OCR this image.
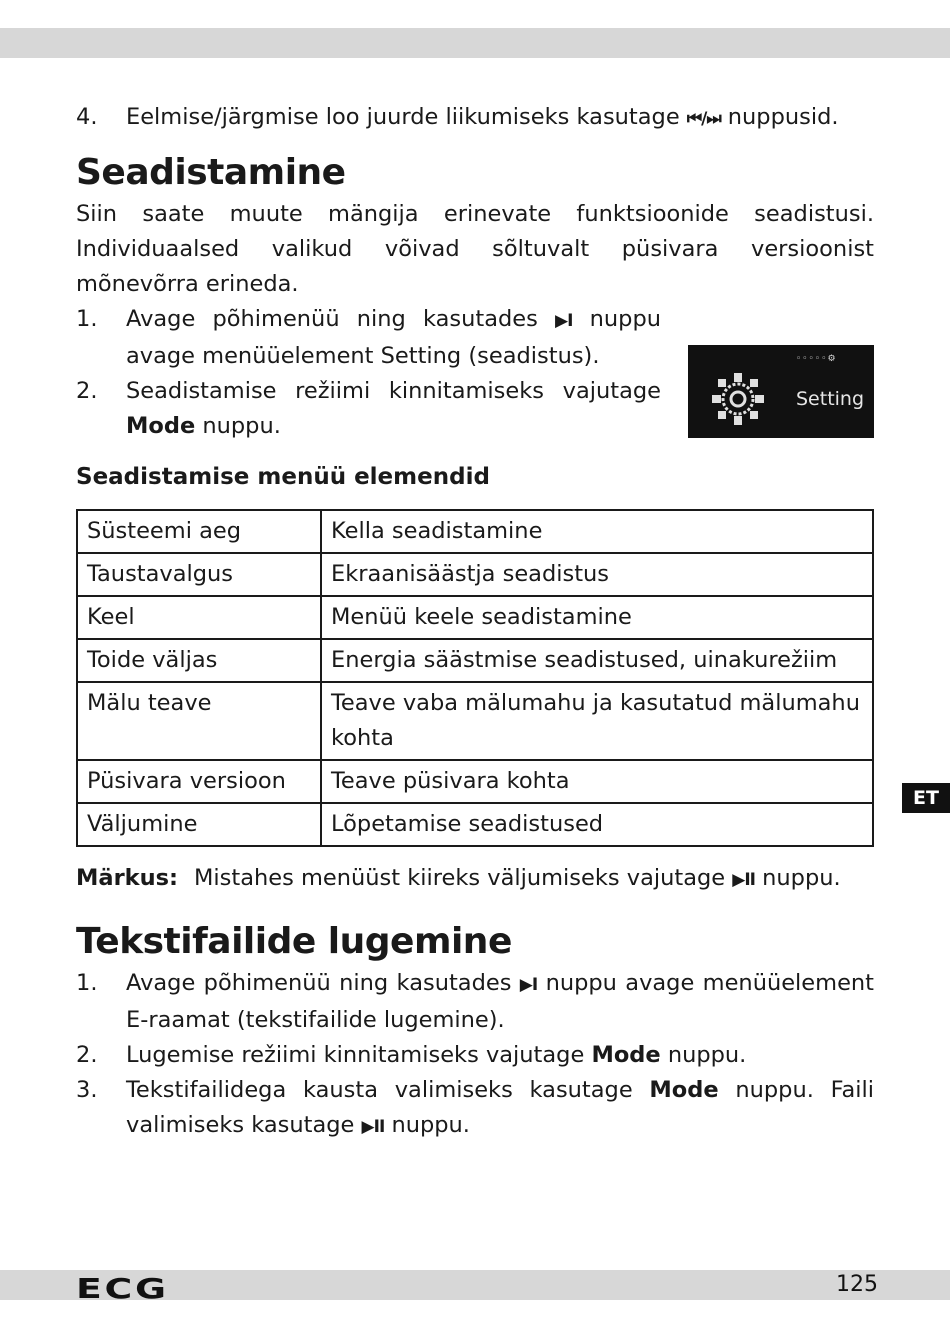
4. Eelmise/järgmise loo juurde liikumiseks kasutage ⏮/⏭ nuppusid.
Seadistamine

Siin saate muute mängija erinevate funktsioonide seadistusi. Individuaalsed valikud võivad sõltuvalt püsivara versioonist mõnevõrra erineda.

1. Avage põhimenüü ning kasutades ▶I nuppu avage menüüelement Setting (seadistus).
2. Seadistamise režiimi kinnitamiseks vajutage Mode nuppu.
◦◦◦◦◦⚙
Setting
Seadistamise menüü elemendid
Süsteemi aeg	Kella seadistamine
Taustavalgus	Ekraanisäästja seadistus
Keel	Menüü keele seadistamine
Toide väljas	Energia säästmise seadistused, uinakurežiim
Mälu teave	Teave vaba mälumahu ja kasutatud mälumahu kohta
Püsivara versioon	Teave püsivara kohta
Väljumine	Lõpetamise seadistused
Märkus: Mistahes menüüst kiireks väljumiseks vajutage ▶II nuppu.
Tekstifailide lugemine
1. Avage põhimenüü ning kasutades ▶I nuppu avage menüüelement E-raamat (tekstifailide lugemine).
2. Lugemise režiimi kinnitamiseks vajutage Mode nuppu.
3. Tekstifailidega kausta valimiseks kasutage Mode nuppu. Faili valimiseks kasutage ▶II nuppu.
ET
ECG	125
